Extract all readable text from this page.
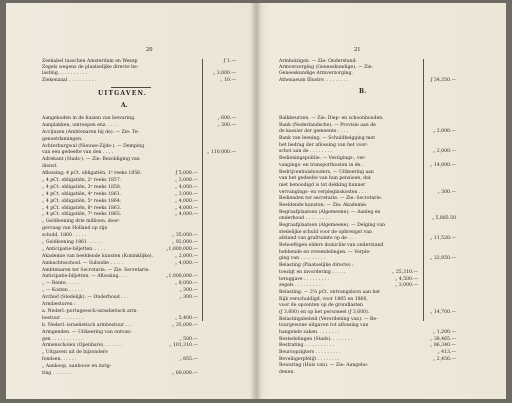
20
Zeekabel tusschen Amsterdam en Wezep	ƒ 1.—
Zegels wegens de plaatselijke directe be-
lasting . . . . . . . . . .	„ 3,000.—
Ziekenzaal . . . . . . . . . .	„ 10.—
UITGAVEN.
A.
Aangeboden in de huizen van bewaring.	„ 600.—
Aanplakken, omroepen enz. . . . .	„ 300.—
Accijnzen (Ambtenaren bij de). — Zie: Te-
genoetdamingen.
Achterburgwal (Nieuwe-Zijds-). — Demping
van een gedeelte van den . . . .	„ 110,000.—
Adrekant (Stads-). — Zie: Bezoldiging van
dienst.
Aflossing: 4 pCt. obligatiën, 1ᵉ reeks 1856.	ƒ 5,000.—
„ 4 pCt. obligatiën, 2ᵉ reeks 1857.	„ 3,000.—
„ 4 pCt. obligatiën, 3ᵉ reeks 1858.	„ 4,000.—
„ 4 pCt. obligatiën, 4ᵉ reeks 1861.	„ 3,000.—
„ 4 pCt. obligatiën, 5ᵉ reeks 1864.	„ 4,000.—
„ 4 pCt. obligatiën, 6ᵉ reeks 1863.	„ 4,000.—
„ 4 pCt. obligatiën, 7ᵉ reeks 1865.	„ 4,000.—
„ Geldleening drie millioen, door-
gevraag van Holland op zijn
schuld, 1860 . . . . .	„ 35,000.—
„ Geldleening 1861 . . . . .	„ 92,000.—
„ Anticipatie-biljetten. . . . .	„1,000,000.—
Akademie van beeldende kunsten (Koninklijke).	„ 2,000.—
Ambachtsschool. — Subsidie . . . . .	„ 4,000.—
Ambtenaren ter Secretarie. — Zie: Secretarie.
Anticipatie-biljetten. — Aflossing. . . .	„1,000,000.—
„ — Rente. . . . .	„ 8,000.—
„ — Kosten . . . . .	„ 300.—
Archief (Stedelijk). — Onderhoud . . .	„ 300.—
Armbesturen :
a. Nederl.-portugeesch-israelietisch arm-
bestuur . . . . . . . .	„ 5,400.—
b. Nederl.-israelietisch armbestuur . . .	„ 35,000.—
Armgenden. — Uitkeering van ontvan-
gen . . . . . . . . . . .	„ 500.—
Armenscholen (Openbare). . . . . . .	„ 101,310.—
„ Uitgaven uit de bijzondere
fondsen. . . . . .	„ 855.—
„ Aankoop, aanbouw en inrig-
ting . . . . . . .	„ 60,000.—
21
Armhuizigen. — Zie: Onderstand.
Armverzorging (Geneeskundige). — Zie:
Geneeskundige Armverzorging.
Athenaeum Illustre. . . . . . . . .	ƒ 34,350.—
B.
Balkbeurzen. — Zie: Diep- en schoonbouden.
Bank (Nederlandsche). — Provisie aan de
de kassier der gemeente . . . .	„ 2,000.—
Bank van leening. — Schuldbelgging met
het bedrag der aflossing van het voor-
schot aan de . . . . . . . .	„ 2,000.—
Bedieningspolitie. — Vestigings-, ver-
vangings- en transportkosten in de. .	„ 14,000.—
Bedrijvenhuishouders. — Uitkeering aan
van het gedeelte van hun pensioen, dat
niet benoodigd is tot dekking hunner
vervangings- en verpleginskosten . . .	„ 300.—
Bedienden ter secretarie. — Zie: Secretarie.
Beeldende kunsten. — Zie: Akademie.
Begraafplaatsen (Algemeene). — Aanleg en
onderhoud . . . . . . . . .	„ 5,885.50
Begraafplaatsen (Algemeene). — Delging van
stedelijke schuld voor de opbrengst van
afstand van grafruimte op de . . .	„ 11,520.—
Behoeftigen elders domicilie van onderstand
hebbende en vreemdelingen. — Verple-
ging van . . . . . . . . .	„ 32,850.—
Belasting (Plaatselijke directe) :
toezigt en invordering . . . . .	„ 25,310.—
teruggave . . . . . . . . .	„ 4,500.—
zegels . . . . . . . . . .	„ 3,000.—
Belasting. — 2¼ pCt. ontvangsloon aan het
Rijk verschuldigd, voor 1865 en 1866,
voor de opcenten op de grondlasten
(ƒ 3,600) en op het personeel (ƒ 3,600).	„ 14,700.—
Belastingsbeleid (Verordening van). — Be-
tuurgewone uitgaven tot aflossing van
hangende zaken. . . . . . . .	„ 1,200.—
Bestedelingen (Stads). . . . . . . .	„ 38,465.—
Bestrating. . . . . . . . . . .	„ 86,340.—
Beursopzigters . . . . . . . . .	„ 413.—
Beveiligerpfelijt . . . . . . . .	„ 2,450.—
Bewaring (Huis van). — Zie: Aangebo-
denen.
